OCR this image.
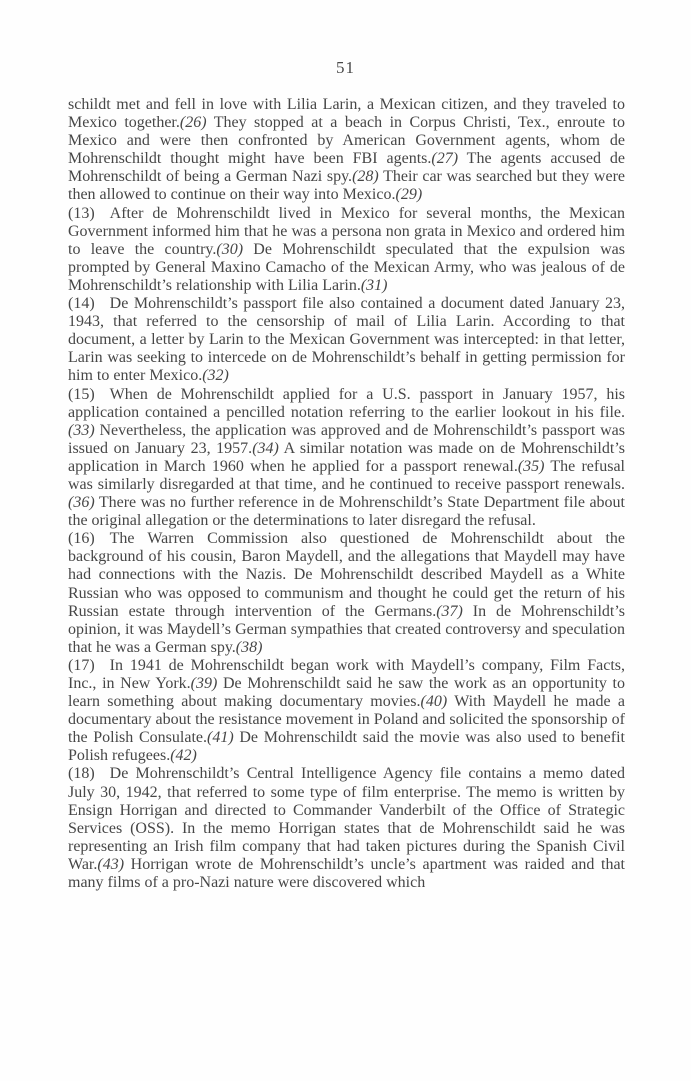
51

schildt met and fell in love with Lilia Larin, a Mexican citizen, and they traveled to Mexico together.(26) They stopped at a beach in Corpus Christi, Tex., enroute to Mexico and were then confronted by American Government agents, whom de Mohrenschildt thought might have been FBI agents.(27) The agents accused de Mohrenschildt of being a German Nazi spy.(28) Their car was searched but they were then allowed to continue on their way into Mexico.(29)

(13) After de Mohrenschildt lived in Mexico for several months, the Mexican Government informed him that he was a persona non grata in Mexico and ordered him to leave the country.(30) De Mohrenschildt speculated that the expulsion was prompted by General Maxino Camacho of the Mexican Army, who was jealous of de Mohrenschildt’s relationship with Lilia Larin.(31)

(14) De Mohrenschildt’s passport file also contained a document dated January 23, 1943, that referred to the censorship of mail of Lilia Larin. According to that document, a letter by Larin to the Mexican Government was intercepted: in that letter, Larin was seeking to intercede on de Mohrenschildt’s behalf in getting permission for him to enter Mexico.(32)

(15) When de Mohrenschildt applied for a U.S. passport in January 1957, his application contained a pencilled notation referring to the earlier lookout in his file.(33) Nevertheless, the application was approved and de Mohrenschildt’s passport was issued on January 23, 1957.(34) A similar notation was made on de Mohrenschildt’s application in March 1960 when he applied for a passport renewal.(35) The refusal was similarly disregarded at that time, and he continued to receive passport renewals.(36) There was no further reference in de Mohrenschildt’s State Department file about the original allegation or the determinations to later disregard the refusal.

(16) The Warren Commission also questioned de Mohrenschildt about the background of his cousin, Baron Maydell, and the allegations that Maydell may have had connections with the Nazis. De Mohrenschildt described Maydell as a White Russian who was opposed to communism and thought he could get the return of his Russian estate through intervention of the Germans.(37) In de Mohrenschildt’s opinion, it was Maydell’s German sympathies that created controversy and speculation that he was a German spy.(38)

(17) In 1941 de Mohrenschildt began work with Maydell’s company, Film Facts, Inc., in New York.(39) De Mohrenschildt said he saw the work as an opportunity to learn something about making documentary movies.(40) With Maydell he made a documentary about the resistance movement in Poland and solicited the sponsorship of the Polish Consulate.(41) De Mohrenschildt said the movie was also used to benefit Polish refugees.(42)

(18) De Mohrenschildt’s Central Intelligence Agency file contains a memo dated July 30, 1942, that referred to some type of film enterprise. The memo is written by Ensign Horrigan and directed to Commander Vanderbilt of the Office of Strategic Services (OSS). In the memo Horrigan states that de Mohrenschildt said he was representing an Irish film company that had taken pictures during the Spanish Civil War.(43) Horrigan wrote de Mohrenschildt’s uncle’s apartment was raided and that many films of a pro-Nazi nature were discovered which
